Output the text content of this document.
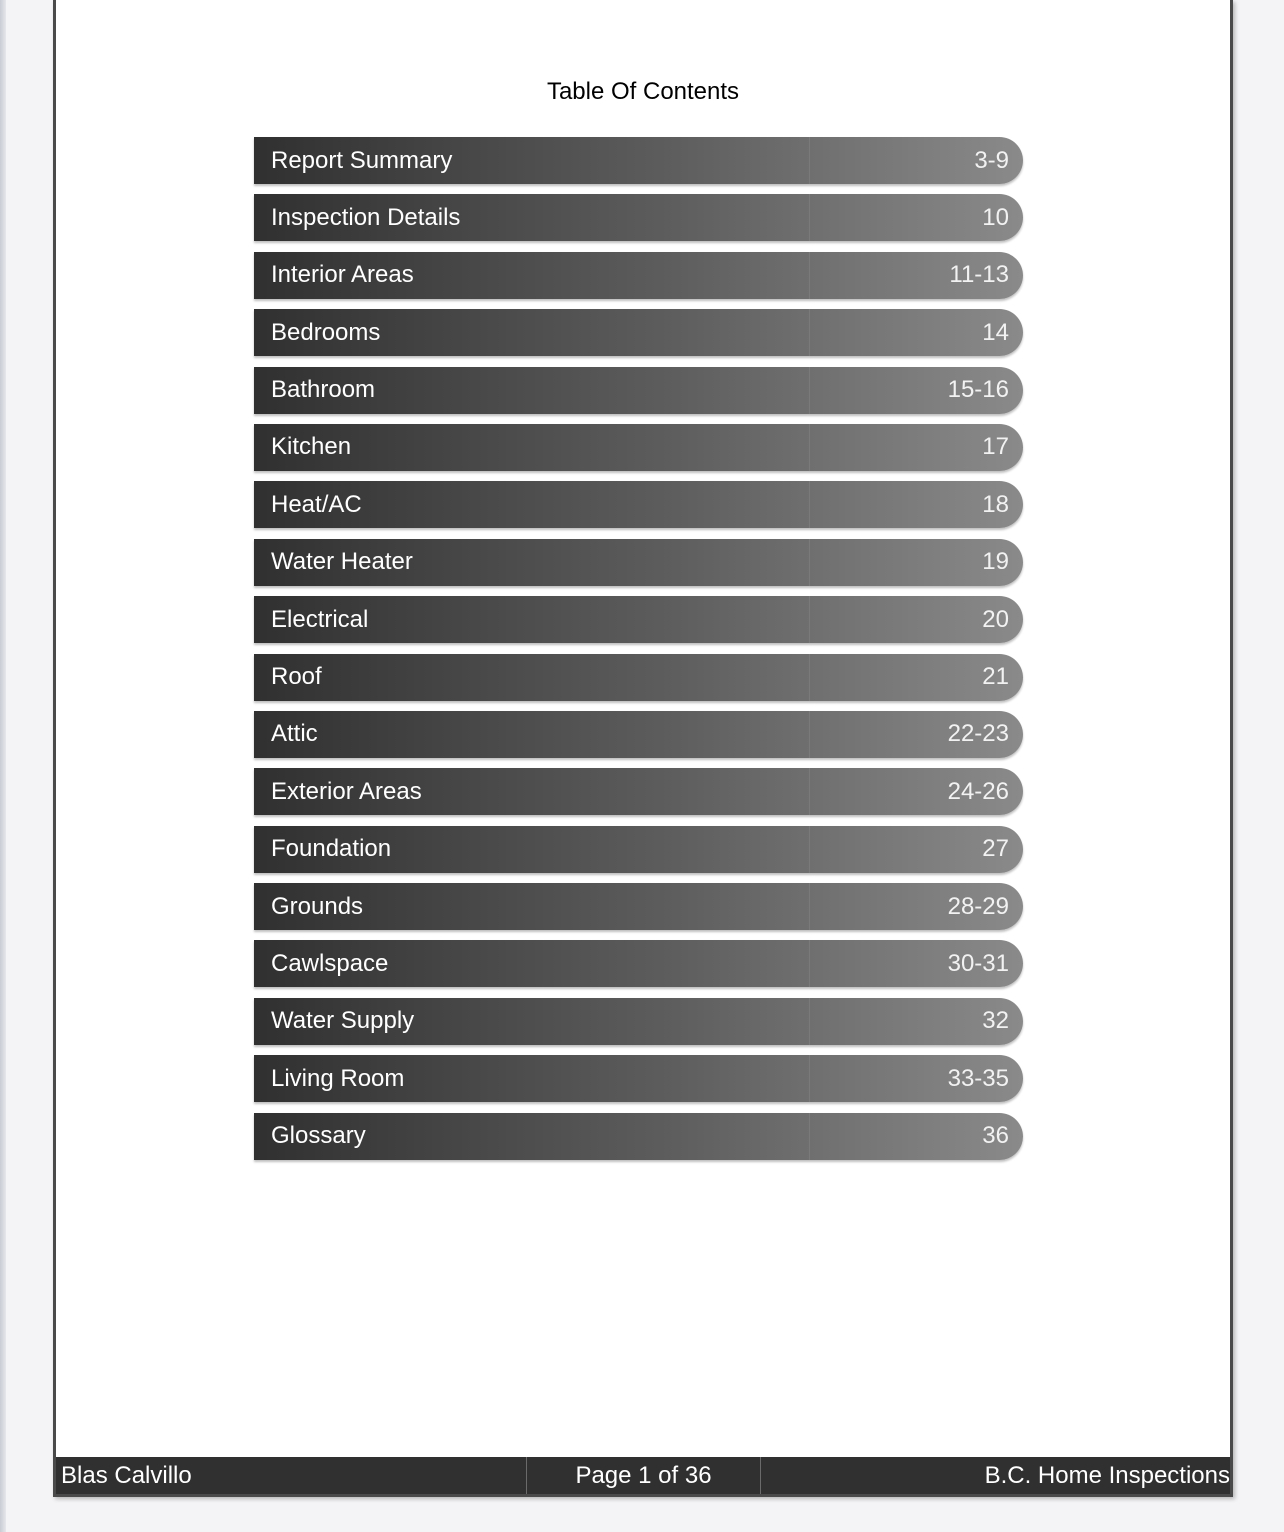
Table Of Contents
Report Summary	3-9
Inspection Details	10
Interior Areas	11-13
Bedrooms	14
Bathroom	15-16
Kitchen	17
Heat/AC	18
Water Heater	19
Electrical	20
Roof	21
Attic	22-23
Exterior Areas	24-26
Foundation	27
Grounds	28-29
Cawlspace	30-31
Water Supply	32
Living Room	33-35
Glossary	36
Blas Calvillo	Page 1 of 36	B.C. Home Inspections
